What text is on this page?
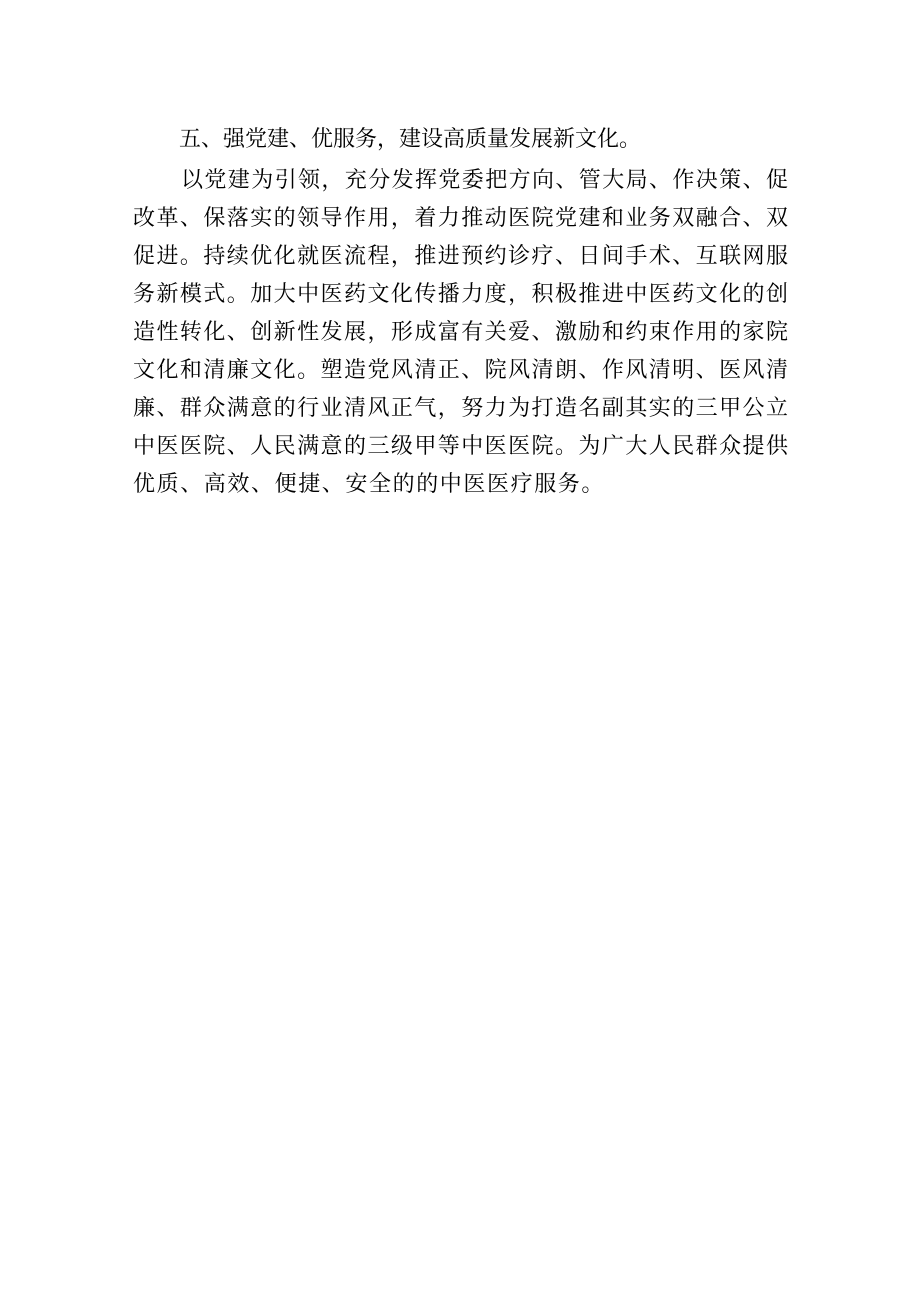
五、强党建、优服务，建设高质量发展新文化。

以党建为引领，充分发挥党委把方向、管大局、作决策、促

改革、保落实的领导作用，着力推动医院党建和业务双融合、双

促进。持续优化就医流程，推进预约诊疗、日间手术、互联网服

务新模式。加大中医药文化传播力度，积极推进中医药文化的创

造性转化、创新性发展，形成富有关爱、激励和约束作用的家院

文化和清廉文化。塑造党风清正、院风清朗、作风清明、医风清

廉、群众满意的行业清风正气，努力为打造名副其实的三甲公立

中医医院、人民满意的三级甲等中医医院。为广大人民群众提供

优质、高效、便捷、安全的的中医医疗服务。
